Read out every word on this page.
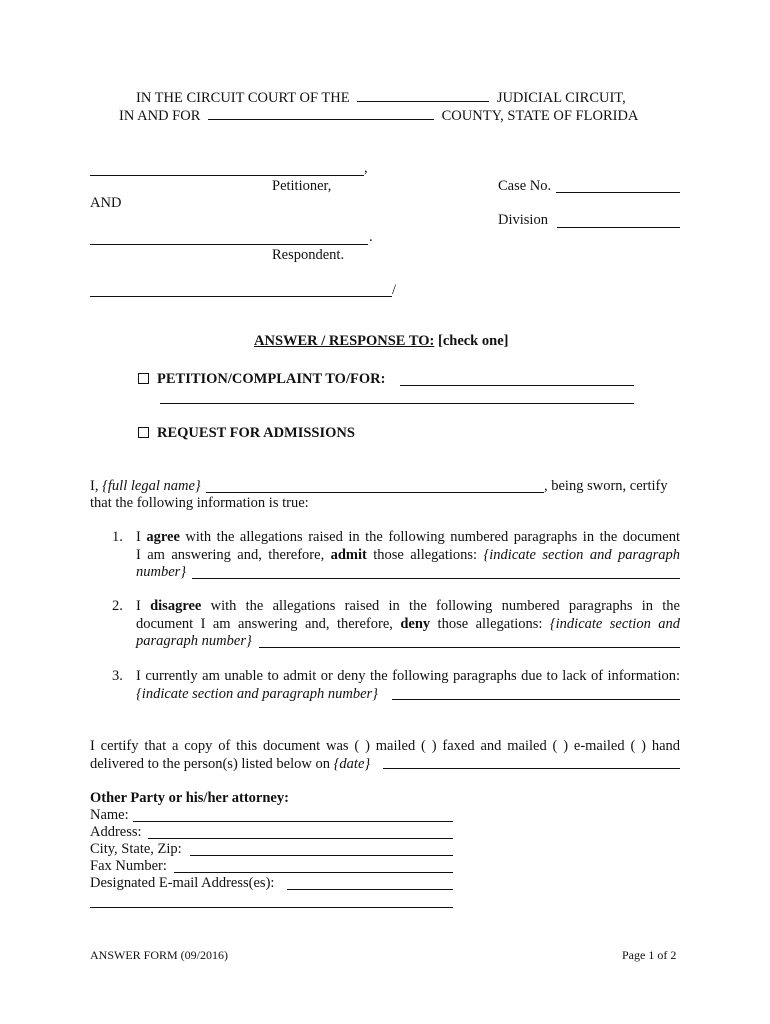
IN THE CIRCUIT COURT OF THE	JUDICIAL CIRCUIT,
IN AND FOR	COUNTY, STATE OF FLORIDA
,
Petitioner,
AND
.
Respondent.
/
Case No.
Division
ANSWER / RESPONSE TO: [check one]
PETITION/COMPLAINT TO/FOR:
REQUEST FOR ADMISSIONS
I, {full legal name}	, being sworn, certify
that the following information is true:
1. I agree with the allegations raised in the following numbered paragraphs in the document
I am answering and, therefore, admit those allegations: {indicate section and paragraph
number}
2. I disagree with the allegations raised in the following numbered paragraphs in the
document I am answering and, therefore, deny those allegations: {indicate section and
paragraph number}
3. I currently am unable to admit or deny the following paragraphs due to lack of information:
{indicate section and paragraph number}
I certify that a copy of this document was ( ) mailed ( ) faxed and mailed ( ) e-mailed ( ) hand
delivered to the person(s) listed below on {date}
Other Party or his/her attorney:
Name:
Address:
City, State, Zip:
Fax Number:
Designated E-mail Address(es):
ANSWER FORM (09/2016)	Page 1 of 2
